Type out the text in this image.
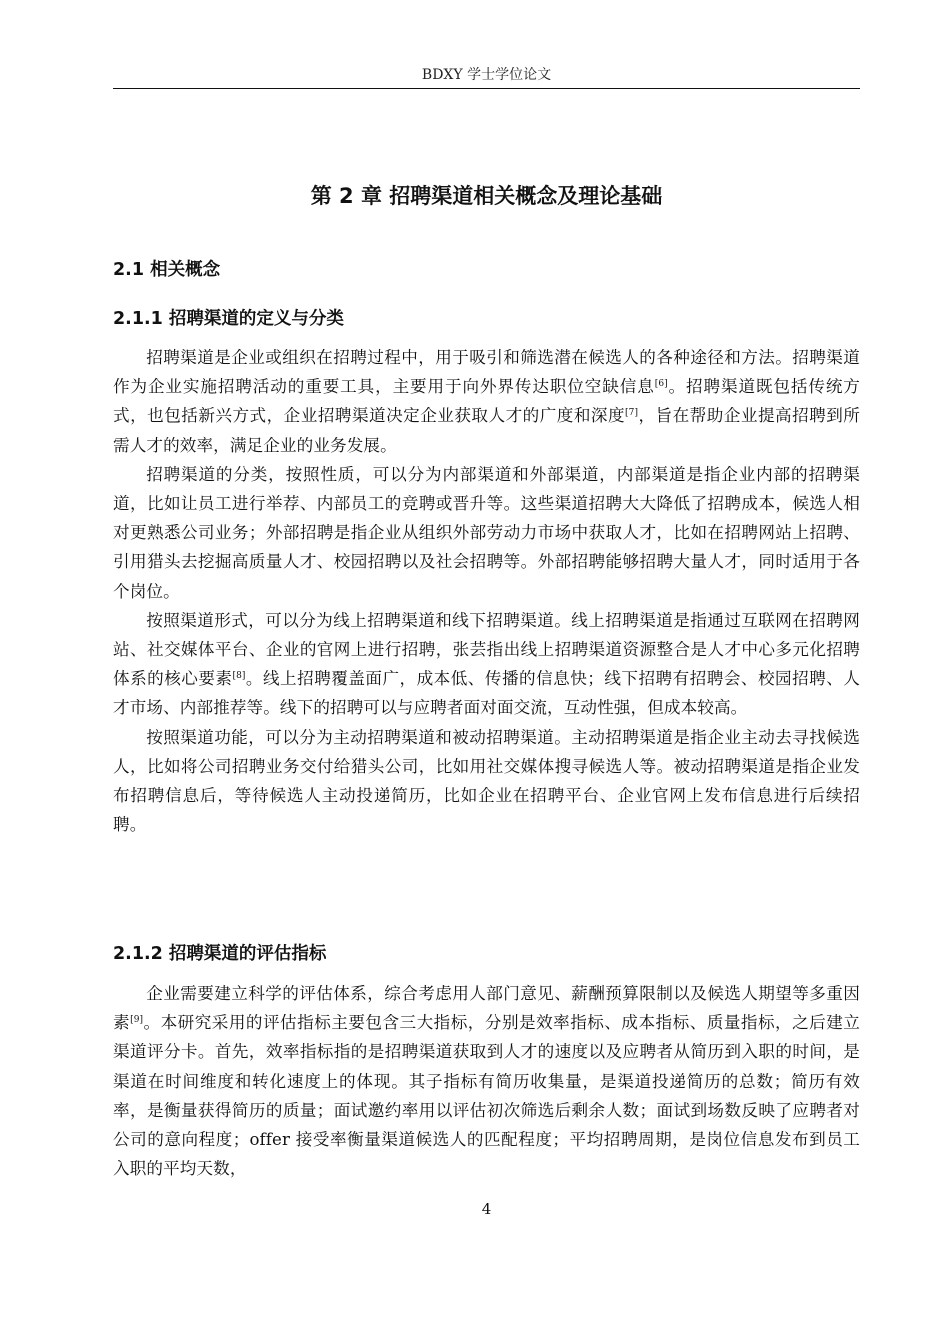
BDXY 学士学位论文
第 2 章 招聘渠道相关概念及理论基础
2.1 相关概念
2.1.1 招聘渠道的定义与分类

招聘渠道是企业或组织在招聘过程中，用于吸引和筛选潜在候选人的各种途径和方法。招聘渠道作为企业实施招聘活动的重要工具，主要用于向外界传达职位空缺信息[6]。招聘渠道既包括传统方式，也包括新兴方式，企业招聘渠道决定企业获取人才的广度和深度[7]，旨在帮助企业提高招聘到所需人才的效率，满足企业的业务发展。

招聘渠道的分类，按照性质，可以分为内部渠道和外部渠道，内部渠道是指企业内部的招聘渠道，比如让员工进行举荐、内部员工的竞聘或晋升等。这些渠道招聘大大降低了招聘成本，候选人相对更熟悉公司业务；外部招聘是指企业从组织外部劳动力市场中获取人才，比如在招聘网站上招聘、引用猎头去挖掘高质量人才、校园招聘以及社会招聘等。外部招聘能够招聘大量人才，同时适用于各个岗位。

按照渠道形式，可以分为线上招聘渠道和线下招聘渠道。线上招聘渠道是指通过互联网在招聘网站、社交媒体平台、企业的官网上进行招聘，张芸指出线上招聘渠道资源整合是人才中心多元化招聘体系的核心要素[8]。线上招聘覆盖面广，成本低、传播的信息快；线下招聘有招聘会、校园招聘、人才市场、内部推荐等。线下的招聘可以与应聘者面对面交流，互动性强，但成本较高。

按照渠道功能，可以分为主动招聘渠道和被动招聘渠道。主动招聘渠道是指企业主动去寻找候选人，比如将公司招聘业务交付给猎头公司，比如用社交媒体搜寻候选人等。被动招聘渠道是指企业发布招聘信息后，等待候选人主动投递简历，比如企业在招聘平台、企业官网上发布信息进行后续招聘。

2.1.2 招聘渠道的评估指标

企业需要建立科学的评估体系，综合考虑用人部门意见、薪酬预算限制以及候选人期望等多重因素[9]。本研究采用的评估指标主要包含三大指标，分别是效率指标、成本指标、质量指标，之后建立渠道评分卡。首先，效率指标指的是招聘渠道获取到人才的速度以及应聘者从简历到入职的时间，是渠道在时间维度和转化速度上的体现。其子指标有简历收集量，是渠道投递简历的总数；简历有效率，是衡量获得简历的质量；面试邀约率用以评估初次筛选后剩余人数；面试到场数反映了应聘者对公司的意向程度；offer 接受率衡量渠道候选人的匹配程度；平均招聘周期，是岗位信息发布到员工入职的平均天数，

4
